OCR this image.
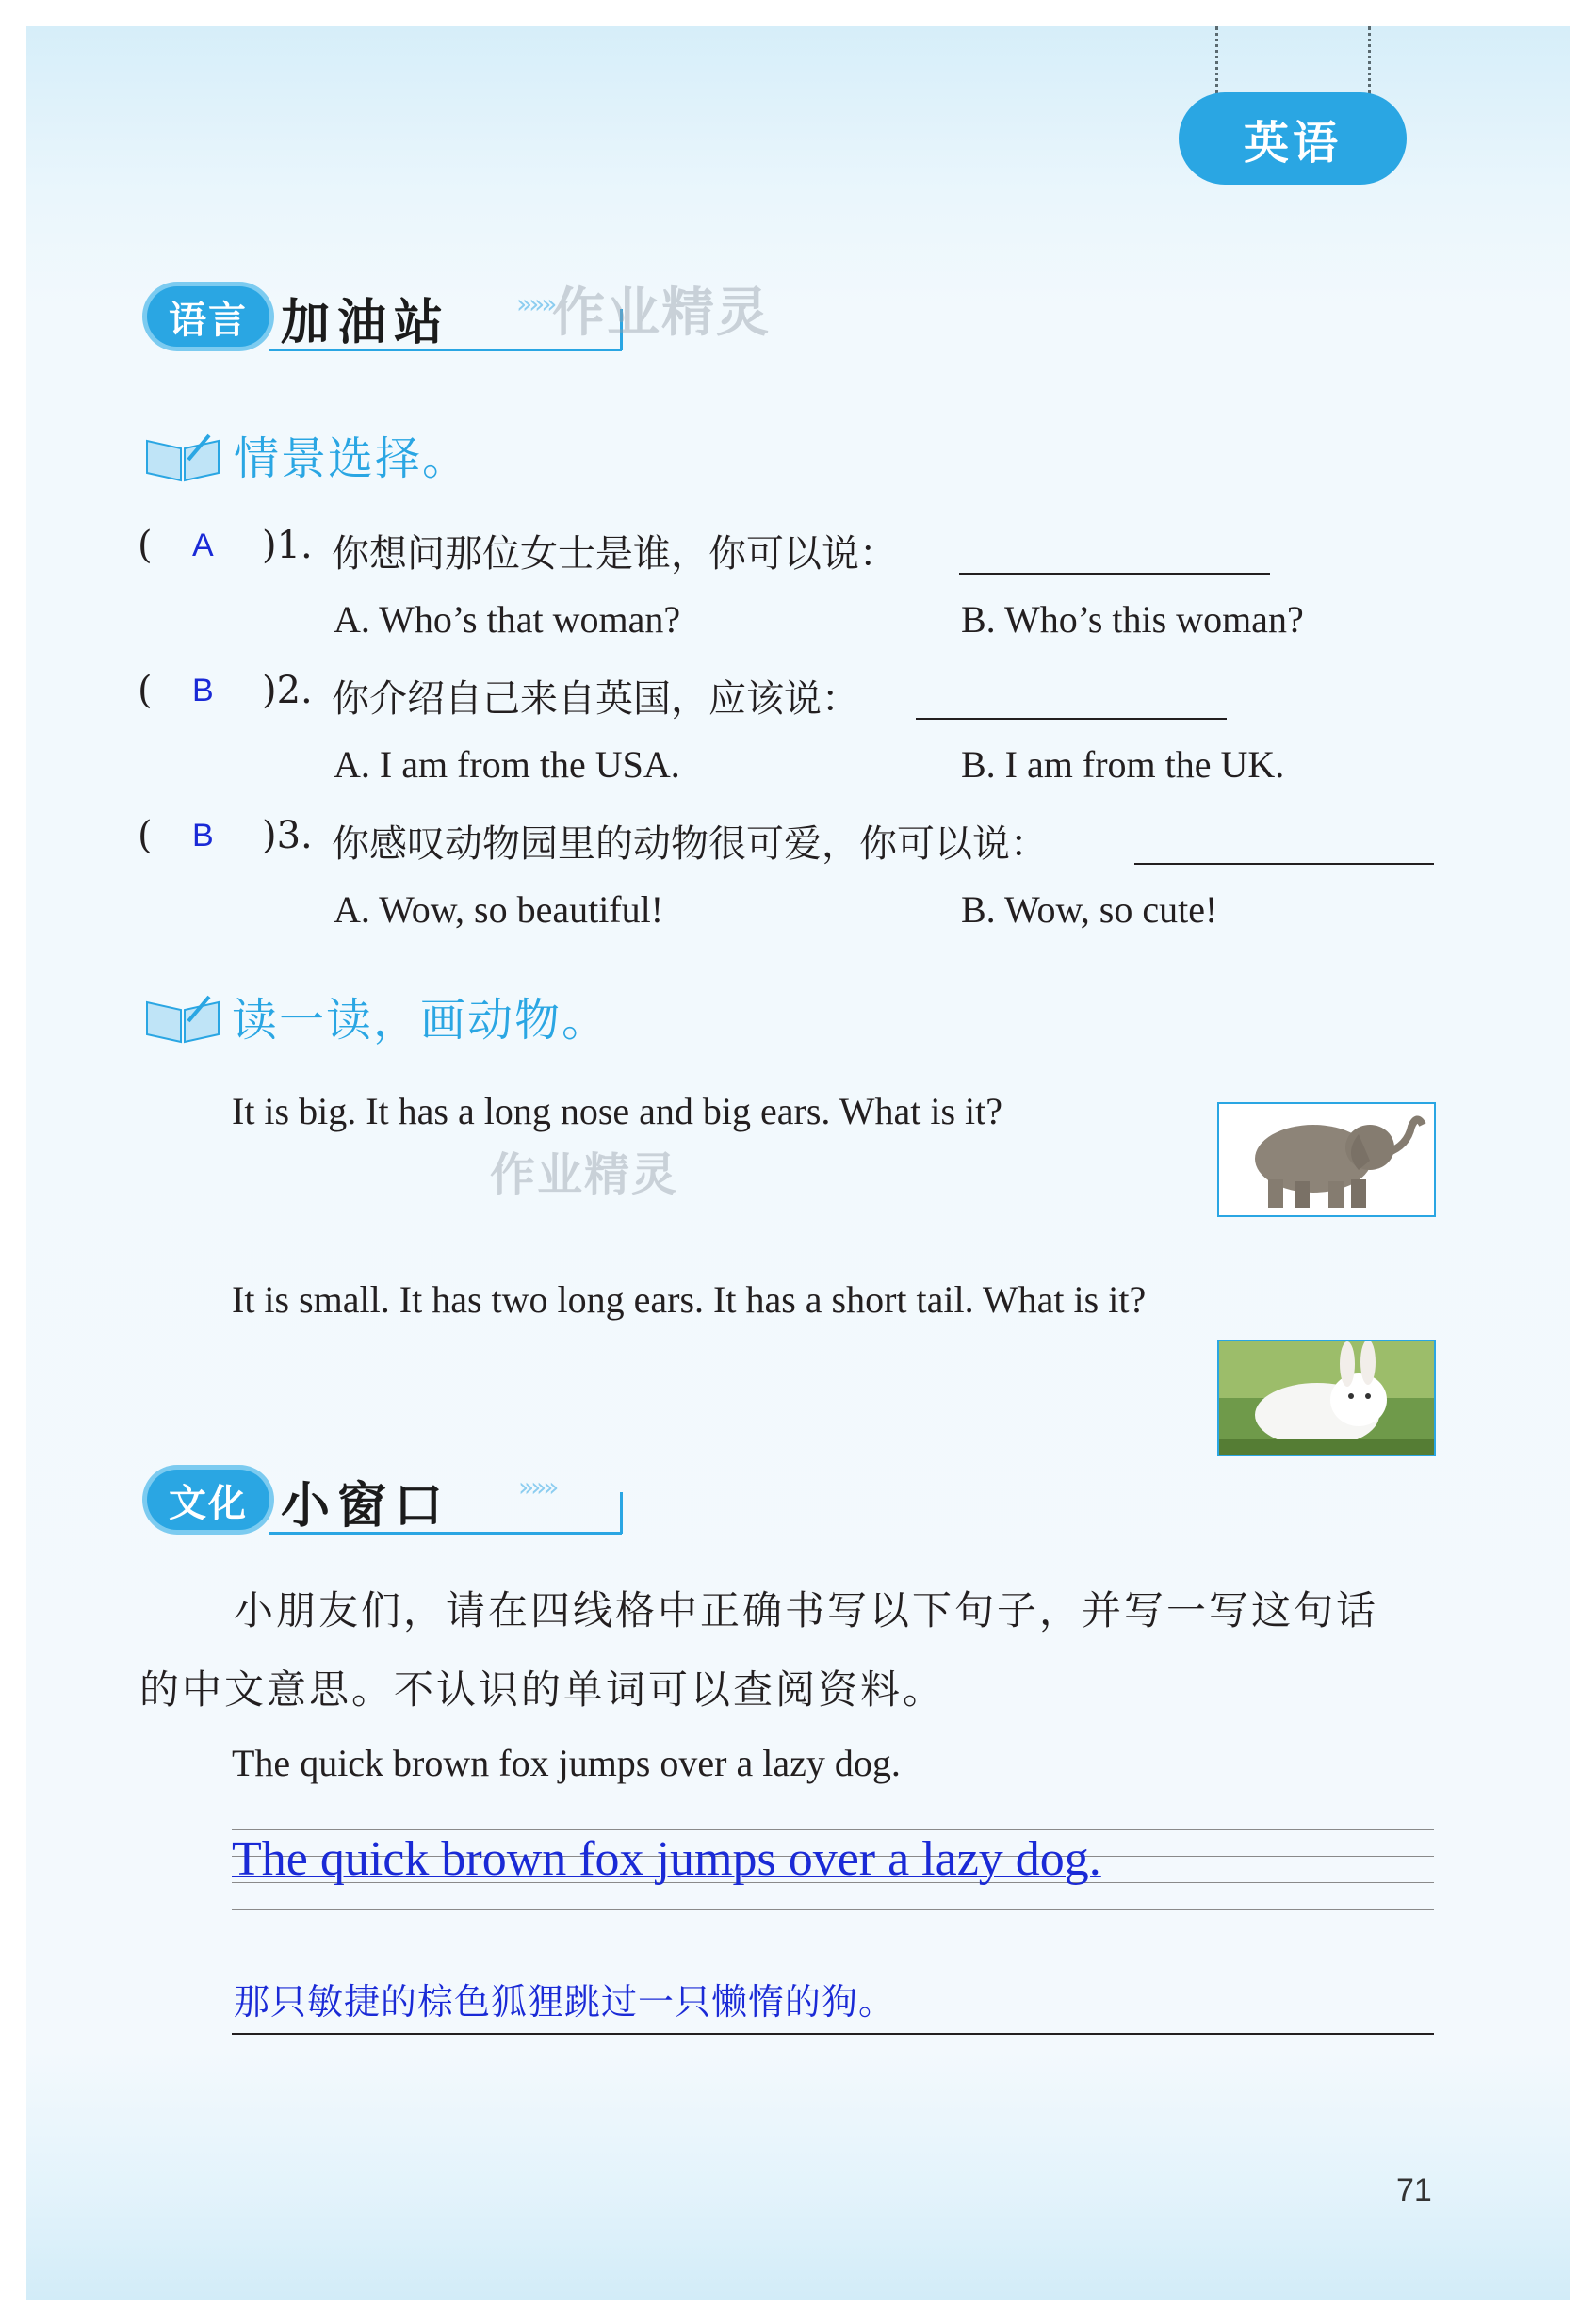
英语
语言 加油站 »»»
作业精灵
情景选择。
( A )1. 你想问那位女士是谁，你可以说：
A. Who’s that woman?	B. Who’s this woman?
( B )2. 你介绍自己来自英国，应该说：
A. I am from the USA.	B. I am from the UK.
( B )3. 你感叹动物园里的动物很可爱，你可以说：
A. Wow, so beautiful!	B. Wow, so cute!
读一读，画动物。
It is big. It has a long nose and big ears. What is it?
作业精灵
It is small. It has two long ears. It has a short tail. What is it?
文化 小窗口	»»»
小朋友们，请在四线格中正确书写以下句子，并写一写这句话
的中文意思。不认识的单词可以查阅资料。
The quick brown fox jumps over a lazy dog.
The quick brown fox jumps over a lazy dog.
那只敏捷的棕色狐狸跳过一只懒惰的狗。
71
